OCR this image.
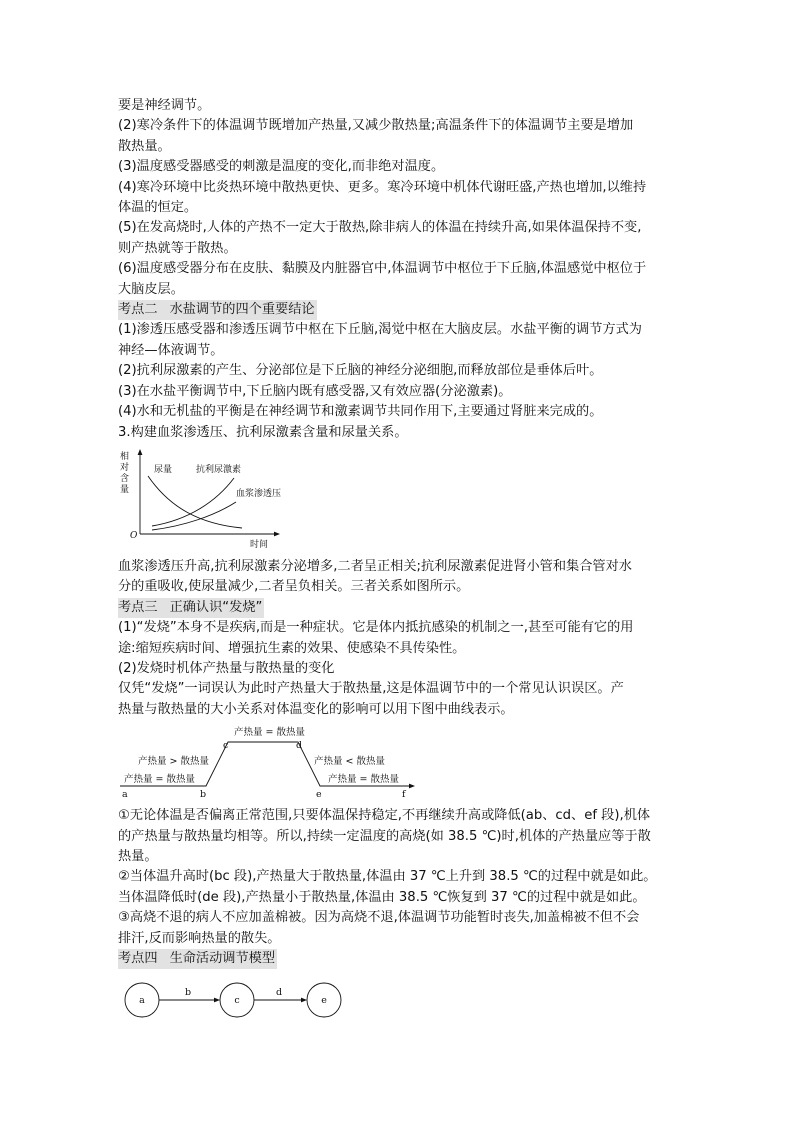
要是神经调节。
(2)寒冷条件下的体温调节既增加产热量,又减少散热量;高温条件下的体温调节主要是增加
散热量。
(3)温度感受器感受的刺激是温度的变化,而非绝对温度。
(4)寒冷环境中比炎热环境中散热更快、更多。寒冷环境中机体代谢旺盛,产热也增加,以维持
体温的恒定。
(5)在发高烧时,人体的产热不一定大于散热,除非病人的体温在持续升高,如果体温保持不变,
则产热就等于散热。
(6)温度感受器分布在皮肤、黏膜及内脏器官中,体温调节中枢位于下丘脑,体温感觉中枢位于
大脑皮层。
考点二 水盐调节的四个重要结论
(1)渗透压感受器和渗透压调节中枢在下丘脑,渴觉中枢在大脑皮层。水盐平衡的调节方式为
神经—体液调节。
(2)抗利尿激素的产生、分泌部位是下丘脑的神经分泌细胞,而释放部位是垂体后叶。
(3)在水盐平衡调节中,下丘脑内既有感受器,又有效应器(分泌激素)。
(4)水和无机盐的平衡是在神经调节和激素调节共同作用下,主要通过肾脏来完成的。
3.构建血浆渗透压、抗利尿激素含量和尿量关系。
血浆渗透压升高,抗利尿激素分泌增多,二者呈正相关;抗利尿激素促进肾小管和集合管对水
分的重吸收,使尿量减少,二者呈负相关。三者关系如图所示。
考点三 正确认识“发烧”
(1)“发烧”本身不是疾病,而是一种症状。它是体内抵抗感染的机制之一,甚至可能有它的用
途:缩短疾病时间、增强抗生素的效果、使感染不具传染性。
(2)发烧时机体产热量与散热量的变化
仅凭“发烧”一词误认为此时产热量大于散热量,这是体温调节中的一个常见认识误区。产
热量与散热量的大小关系对体温变化的影响可以用下图中曲线表示。
①无论体温是否偏离正常范围,只要体温保持稳定,不再继续升高或降低(ab、cd、ef 段),机体
的产热量与散热量均相等。所以,持续一定温度的高烧(如 38.5 ℃)时,机体的产热量应等于散
热量。
②当体温升高时(bc 段),产热量大于散热量,体温由 37 ℃上升到 38.5 ℃的过程中就是如此。
当体温降低时(de 段),产热量小于散热量,体温由 38.5 ℃恢复到 37 ℃的过程中就是如此。
③高烧不退的病人不应加盖棉被。因为高烧不退,体温调节功能暂时丧失,加盖棉被不但不会
排汗,反而影响热量的散失。
考点四 生命活动调节模型
相
对
含
量
O
时间
尿量	抗利尿激素
血浆渗透压
产热量 = 散热量
产热量 > 散热量	产热量 < 散热量
产热量 = 散热量	产热量 = 散热量
a	b
c	d
e	f
a	c	e
b	d
